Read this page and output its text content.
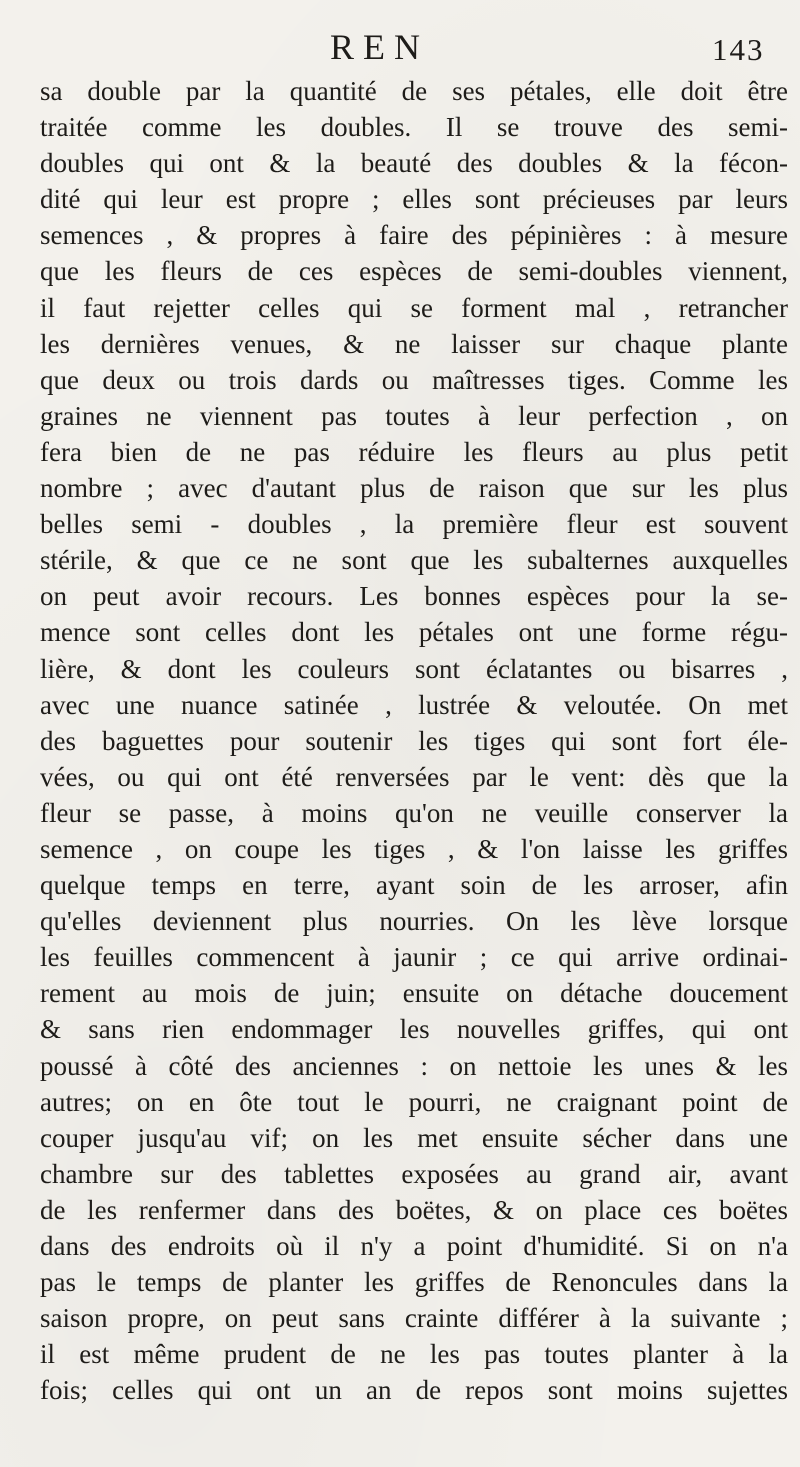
REN	143
sa double par la quantité de ses pétales, elle doit être
traitée comme les doubles. Il se trouve des semi-
doubles qui ont & la beauté des doubles & la fécon-
dité qui leur est propre ; elles sont précieuses par leurs
semences , & propres à faire des pépinières : à mesure
que les fleurs de ces espèces de semi-doubles viennent,
il faut rejetter celles qui se forment mal , retrancher
les dernières venues, & ne laisser sur chaque plante
que deux ou trois dards ou maîtresses tiges. Comme les
graines ne viennent pas toutes à leur perfection , on
fera bien de ne pas réduire les fleurs au plus petit
nombre ; avec d'autant plus de raison que sur les plus
belles semi - doubles , la première fleur est souvent
stérile, & que ce ne sont que les subalternes auxquelles
on peut avoir recours. Les bonnes espèces pour la se-
mence sont celles dont les pétales ont une forme régu-
lière, & dont les couleurs sont éclatantes ou bisarres ,
avec une nuance satinée , lustrée & veloutée. On met
des baguettes pour soutenir les tiges qui sont fort éle-
vées, ou qui ont été renversées par le vent: dès que la
fleur se passe, à moins qu'on ne veuille conserver la
semence , on coupe les tiges , & l'on laisse les griffes
quelque temps en terre, ayant soin de les arroser, afin
qu'elles deviennent plus nourries. On les lève lorsque
les feuilles commencent à jaunir ; ce qui arrive ordinai-
rement au mois de juin; ensuite on détache doucement
& sans rien endommager les nouvelles griffes, qui ont
poussé à côté des anciennes : on nettoie les unes & les
autres; on en ôte tout le pourri, ne craignant point de
couper jusqu'au vif; on les met ensuite sécher dans une
chambre sur des tablettes exposées au grand air, avant
de les renfermer dans des boëtes, & on place ces boëtes
dans des endroits où il n'y a point d'humidité. Si on n'a
pas le temps de planter les griffes de Renoncules dans la
saison propre, on peut sans crainte différer à la suivante ;
il est même prudent de ne les pas toutes planter à la
fois; celles qui ont un an de repos sont moins sujettes
